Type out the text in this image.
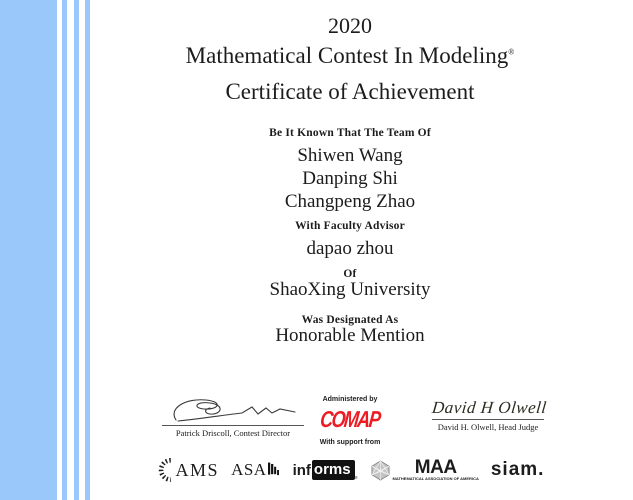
2020
Mathematical Contest In Modeling®
Certificate of Achievement
Be It Known That The Team Of
Shiwen Wang
Danping Shi
Changpeng Zhao
With Faculty Advisor
dapao zhou
Of
ShaoXing University
Was Designated As
Honorable Mention
Patrick Driscoll, Contest Director
Administered by
COMAP
With support from
David H Olwell
David H. Olwell, Head Judge
AMS ASA inf orms	®	MAA
MATHEMATICAL ASSOCIATION OF AMERICA siam.
